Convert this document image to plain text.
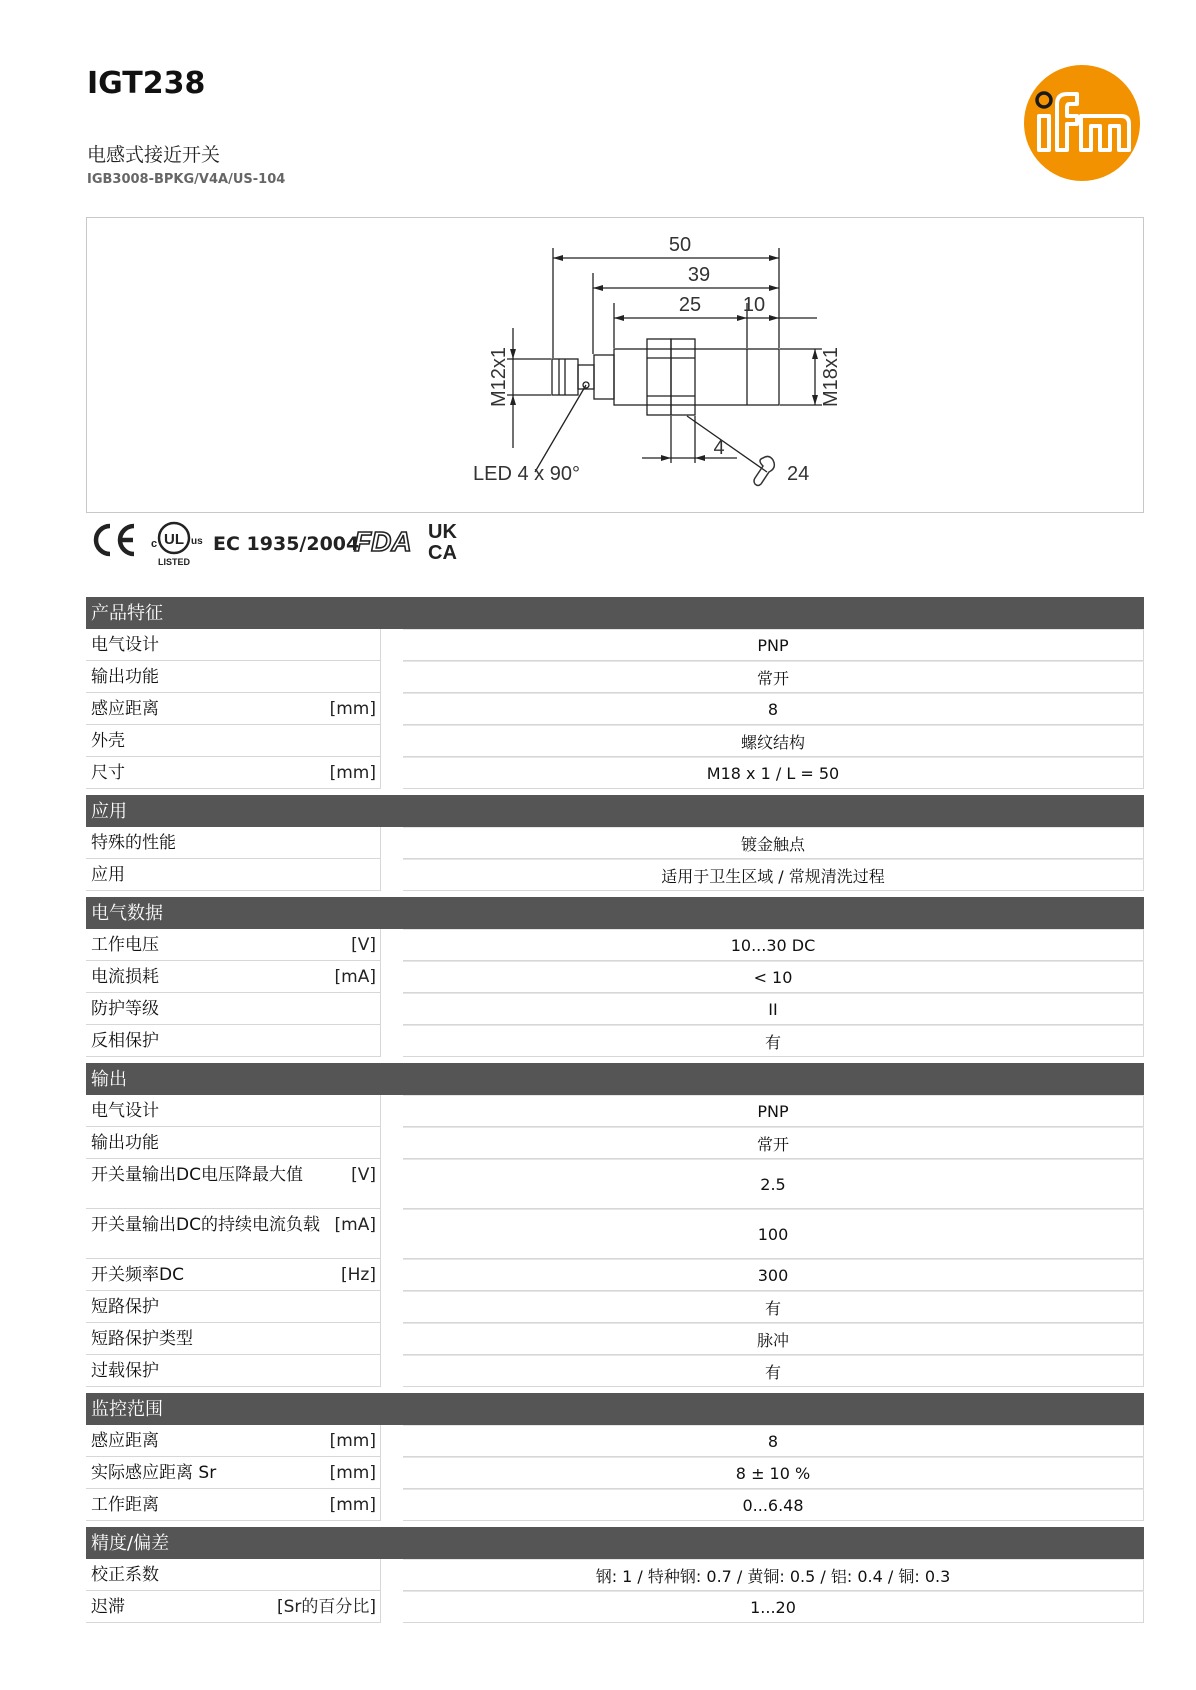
IGT238
电感式接近开关
IGB3008-BPKG/V4A/US-104
50
39
25 10
M12x1	M18x1
4
LED 4 x 90°	24
c UL us
LISTED
EC 1935/2004
FDA UK
CA
产品特征
电气设计	PNP
输出功能	常开
感应距离	[mm]	8
外壳	螺纹结构
尺寸	[mm]	M18 x 1 / L = 50
应用
特殊的性能	镀金触点
应用	适用于卫生区域 / 常规清洗过程
电气数据
工作电压	[V]	10...30 DC
电流损耗	[mA]	< 10
防护等级	II
反相保护	有
输出
电气设计	PNP
输出功能	常开
开关量输出DC电压降最大值	[V]	2.5
开关量输出DC的持续电流负载 [mA]	100
开关频率DC	[Hz]	300
短路保护	有
短路保护类型	脉冲
过载保护	有
监控范围
感应距离	[mm]	8
实际感应距离 Sr	[mm]	8 ± 10 %
工作距离	[mm]	0...6.48
精度/偏差
校正系数	钢: 1 / 特种钢: 0.7 / 黄铜: 0.5 / 铝: 0.4 / 铜: 0.3
迟滞	[Sr的百分比]	1...20
